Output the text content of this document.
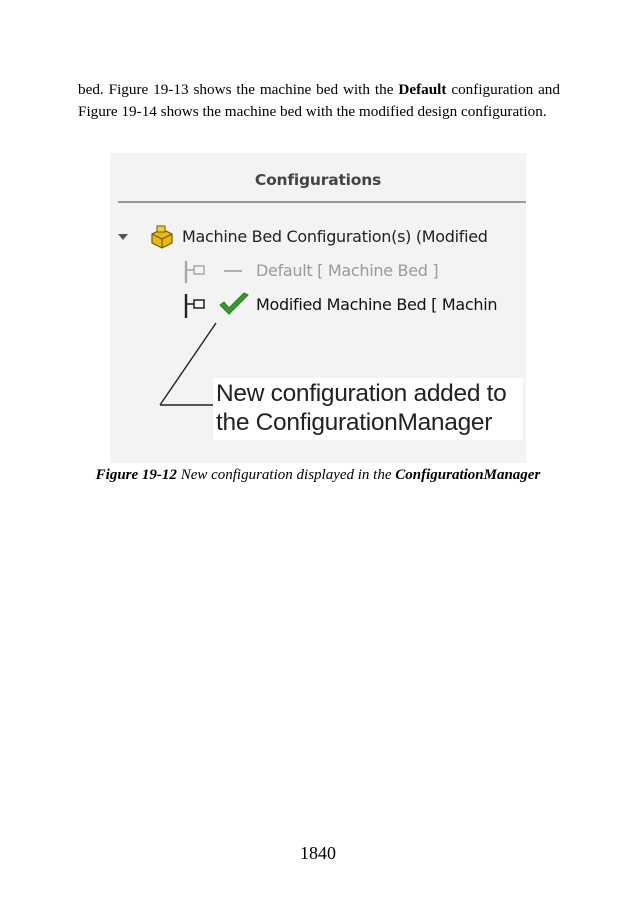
bed. Figure 19-13 shows the machine bed with the Default configuration and Figure 19-14 shows the machine bed with the modified design configuration.

Configurations
Machine Bed Configuration(s) (Modified
Default [ Machine Bed ]
Modified Machine Bed [ Machin
New configuration added to
the ConfigurationManager
Figure 19-12 New configuration displayed in the ConfigurationManager
1840
